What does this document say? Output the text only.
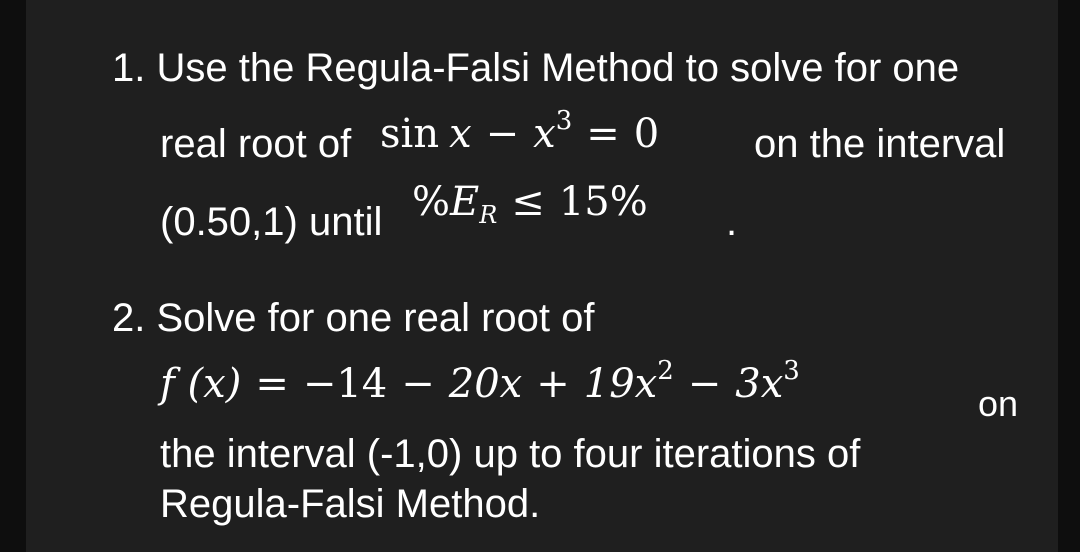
1. Use the Regula-Falsi Method to solve for one
real root of $\sin x - x^3 = 0$ on the interval
(0.50,1) until $\%E_R \le 15\%$ .
2. Solve for one real root of
f $(x) = -14 - 20x + 19x^2 - 3x^3$
on
the interval (-1,0) up to four iterations of
Regula-Falsi Method.
